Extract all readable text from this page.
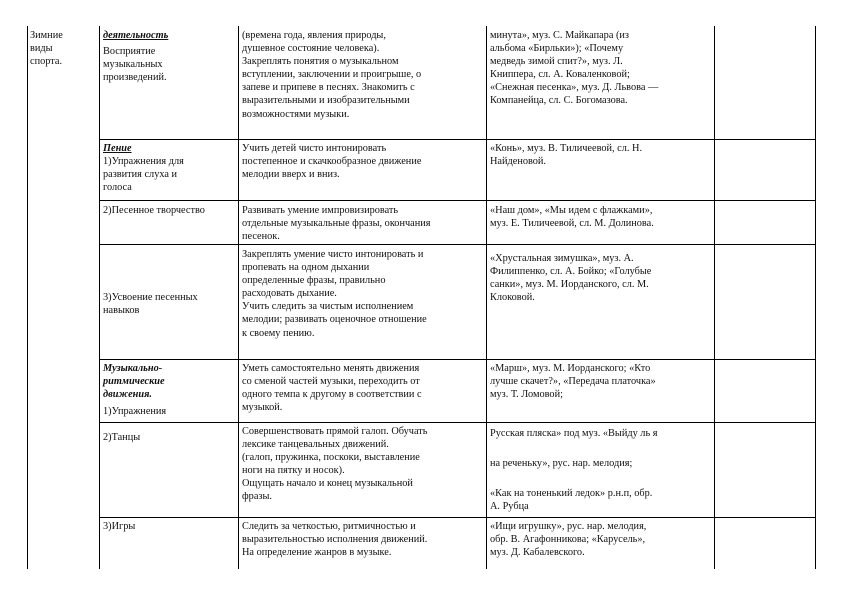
Зимние
виды
спорта.
деятельность
Восприятие
музыкальных
произведений.
(времена года, явления природы,
душевное состояние человека).
Закреплять понятия о музыкальном
вступлении, заключении и проигрыше, о
запеве и припеве в песнях. Знакомить с
выразительными и изобразительными
возможностями музыки.
минута», муз. С. Майкапара (из
альбома «Бирльки»); «Почему
медведь зимой спит?», муз. Л.
Книппера, сл. А. Коваленковой;
«Снежная песенка», муз. Д. Львова —
Компанейца, сл. С. Богомазова.
Пение
1)Упражнения для
развития слуха и
голоса
Учить детей чисто интонировать
постепенное и скачкообразное движение
мелодии вверх и вниз.
«Конь», муз. В. Тиличеевой, сл. Н.
Найденовой.
2)Песенное творчество	Развивать умение импровизировать
отдельные музыкальные фразы, окончания
песенок.
«Наш дом», «Мы идем с флажками»,
муз. Е. Тиличеевой, сл. М. Долинова.
3)Усвоение песенных
навыков
Закреплять умение чисто интонировать и
пропевать на одном дыхании
определенные фразы, правильно
расходовать дыхание.
Учить следить за чистым исполнением
мелодии; развивать оценочное отношение
к своему пению.
«Хрустальная зимушка», муз. А.
Филиппенко, сл. А. Бойко; «Голубые
санки», муз. М. Иорданского, сл. М.
Клоковой.
Музыкально-
ритмические
движения.
1)Упражнения
Уметь самостоятельно менять движения
со сменой частей музыки, переходить от
одного темпа к другому в соответствии с
музыкой.
«Марш», муз. М. Иорданского; «Кто
лучше скачет?», «Передача платочка»
муз. Т. Ломовой;
2)Танцы
Совершенствовать прямой галоп. Обучать
лексике танцевальных движений.
(галоп, пружинка, поскоки, выставление
ноги на пятку и носок).
Ощущать начало и конец музыкальной
фразы.
Русская пляска» под муз. «Выйду ль я
на реченьку», рус. нар. мелодия;
«Как на тоненький ледок» р.н.п, обр.
А. Рубца
3)Игры	Следить за четкостью, ритмичностью и
выразительностью исполнения движений.
На определение жанров в музыке.
«Ищи игрушку», рус. нар. мелодия,
обр. В. Агафонникова; «Карусель»,
муз. Д. Кабалевского.
